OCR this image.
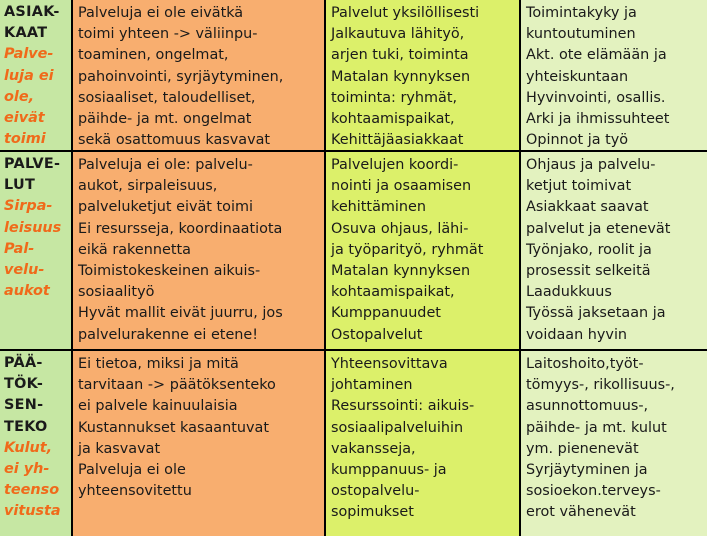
ASIAK-
KAAT
Palve-
luja ei
ole,
eivät
toimi
Palveluja ei ole eivätkä
toimi yhteen -> väliinpu-
toaminen, ongelmat,
pahoinvointi, syrjäytyminen,
sosiaaliset, taloudelliset,
päihde- ja mt. ongelmat
sekä osattomuus kasvavat
Palvelut yksilöllisesti
Jalkautuva lähityö,
arjen tuki, toiminta
Matalan kynnyksen
toiminta: ryhmät,
kohtaamispaikat,
Kehittäjäasiakkaat
Toimintakyky ja
kuntoutuminen
Akt. ote elämään ja
yhteiskuntaan
Hyvinvointi, osallis.
Arki ja ihmissuhteet
Opinnot ja työ
PALVE-
LUT
Sirpa-
leisuus
Pal-
velu-
aukot
Palveluja ei ole: palvelu-
aukot, sirpaleisuus,
palveluketjut eivät toimi
Ei resursseja, koordinaatiota
eikä rakennetta
Toimistokeskeinen aikuis-
sosiaalityö
Hyvät mallit eivät juurru, jos
palvelurakenne ei etene!
Palvelujen koordi-
nointi ja osaamisen
kehittäminen
Osuva ohjaus, lähi-
ja työparityö, ryhmät
Matalan kynnyksen
kohtaamispaikat,
Kumppanuudet
Ostopalvelut
Ohjaus ja palvelu-
ketjut toimivat
Asiakkaat saavat
palvelut ja etenevät
Työnjako, roolit ja
prosessit selkeitä
Laadukkuus
Työssä jaksetaan ja
voidaan hyvin
PÄÄ-
TÖK-
SEN-
TEKO
Kulut,
ei yh-
teenso
vitusta
Ei tietoa, miksi ja mitä
tarvitaan -> päätöksenteko
ei palvele kainuulaisia
Kustannukset kasaantuvat
ja kasvavat
Palveluja ei ole
yhteensovitettu
Yhteensovittava
johtaminen
Resurssointi: aikuis-
sosiaalipalveluihin
vakansseja,
kumppanuus- ja
ostopalvelu-
sopimukset
Laitoshoito,työt-
tömyys-, rikollisuus-,
asunnottomuus-,
päihde- ja mt. kulut
ym. pienenevät
Syrjäytyminen ja
sosioekon.terveys-
erot vähenevät
